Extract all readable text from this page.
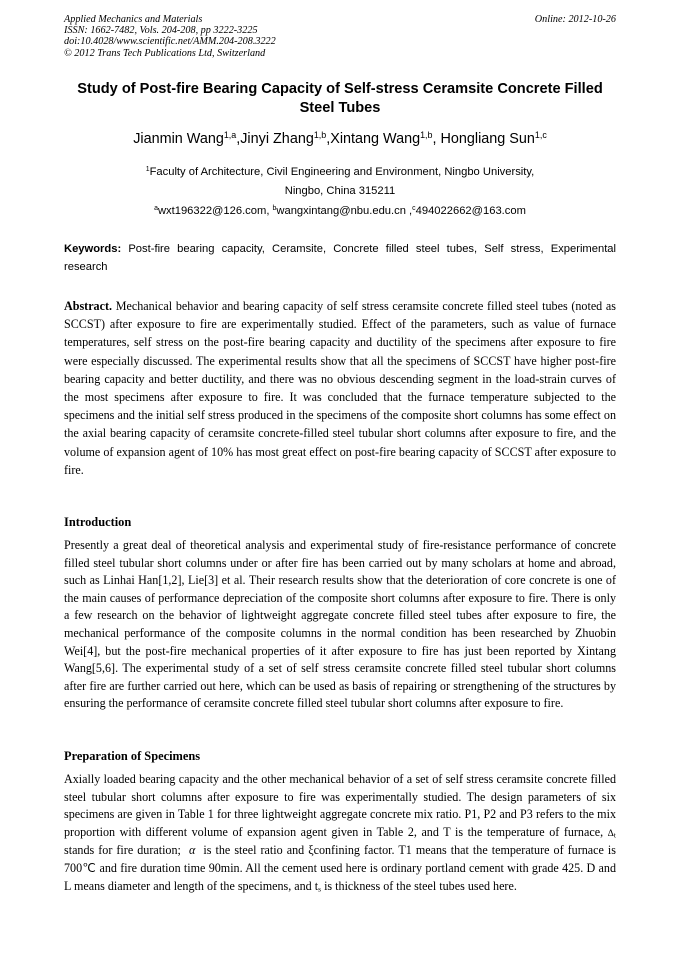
Applied Mechanics and Materials
ISSN: 1662-7482, Vols. 204-208, pp 3222-3225
doi:10.4028/www.scientific.net/AMM.204-208.3222
© 2012 Trans Tech Publications Ltd, Switzerland
Online: 2012-10-26
Study of Post-fire Bearing Capacity of Self-stress Ceramsite Concrete Filled Steel Tubes
Jianmin Wang$^{1,a}$,Jinyi Zhang$^{1,b}$,Xintang Wang$^{1,b}$, Hongliang Sun$^{1,c}$
$^1$Faculty of Architecture, Civil Engineering and Environment, Ningbo University,
Ningbo, China 315211
$^a$wxt196322@126.com, $^b$wangxintang@nbu.edu.cn ,$^c$494022662@163.com
Keywords: Post-fire bearing capacity, Ceramsite, Concrete filled steel tubes, Self stress, Experimental research
Abstract. Mechanical behavior and bearing capacity of self stress ceramsite concrete filled steel tubes (noted as SCCST) after exposure to fire are experimentally studied. Effect of the parameters, such as value of furnace temperatures, self stress on the post-fire bearing capacity and ductility of the specimens after exposure to fire were especially discussed. The experimental results show that all the specimens of SCCST have higher post-fire bearing capacity and better ductility, and there was no obvious descending segment in the load-strain curves of the most specimens after exposure to fire. It was concluded that the furnace temperature subjected to the specimens and the initial self stress produced in the specimens of the composite short columns has some effect on the axial bearing capacity of ceramsite concrete-filled steel tubular short columns after exposure to fire, and the volume of expansion agent of 10% has most great effect on post-fire bearing capacity of SCCST after exposure to fire.
Introduction
Presently a great deal of theoretical analysis and experimental study of fire-resistance performance of concrete filled steel tubular short columns under or after fire has been carried out by many scholars at home and abroad, such as Linhai Han[1,2], Lie[3] et al. Their research results show that the deterioration of core concrete is one of the main causes of performance depreciation of the composite short columns after exposure to fire. There is only a few research on the behavior of lightweight aggregate concrete filled steel tubes after exposure to fire, the mechanical performance of the composite columns in the normal condition has been researched by Zhuobin Wei[4], but the post-fire mechanical properties of it after exposure to fire has just been reported by Xintang Wang[5,6]. The experimental study of a set of self stress ceramsite concrete filled steel tubular short columns after fire are further carried out here, which can be used as basis of repairing or strengthening of the structures by ensuring the performance of ceramsite concrete filled steel tubular short columns after exposure to fire.
Preparation of Specimens
Axially loaded bearing capacity and the other mechanical behavior of a set of self stress ceramsite concrete filled steel tubular short columns after exposure to fire was experimentally studied. The design parameters of six specimens are given in Table 1 for three lightweight aggregate concrete mix ratio. P1, P2 and P3 refers to the mix proportion with different volume of expansion agent given in Table 2, and T is the temperature of furnace, $\Delta_t$ stands for fire duration;  α  is the steel ratio and ξconfining factor. T1 means that the temperature of furnace is 700℃ and fire duration time 90min. All the cement used here is ordinary portland cement with grade 425. D and L means diameter and length of the specimens, and $t_s$ is thickness of the steel tubes used here.
